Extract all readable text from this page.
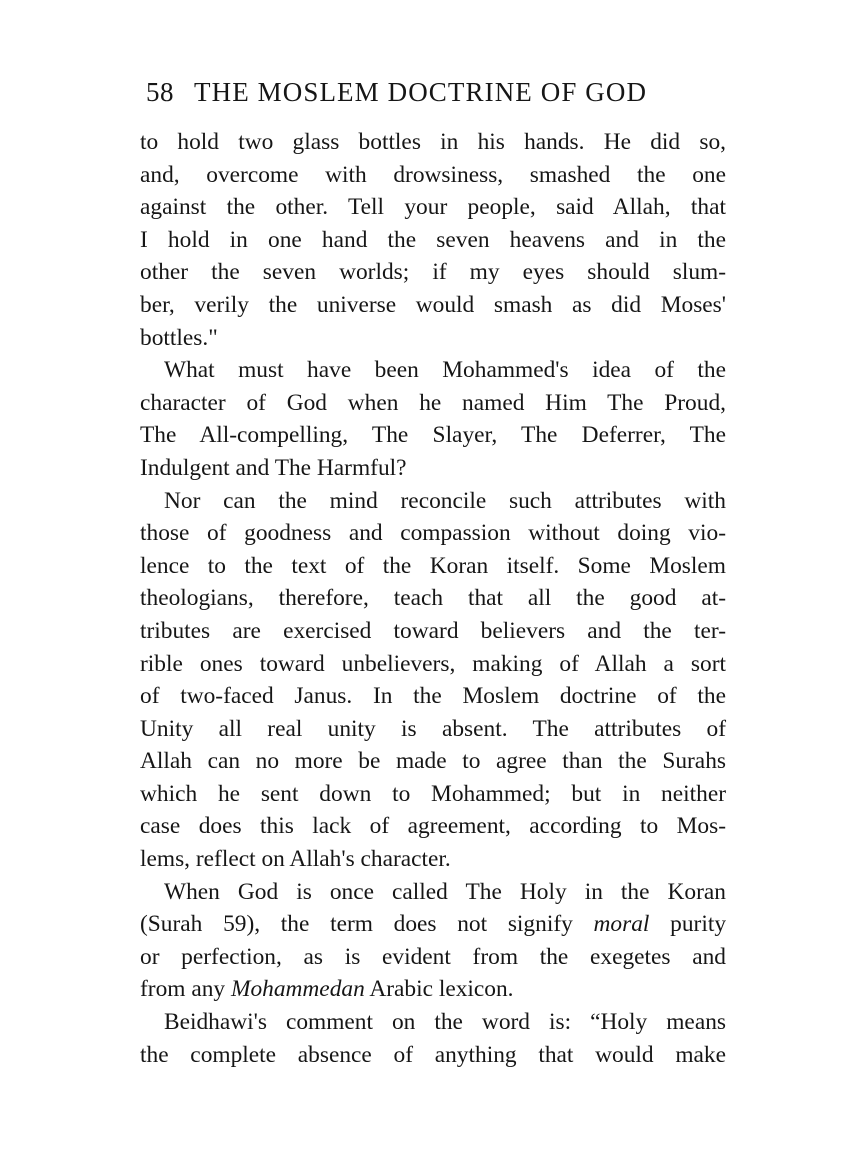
58 THE MOSLEM DOCTRINE OF GOD
to hold two glass bottles in his hands. He did so,
and, overcome with drowsiness, smashed the one
against the other. Tell your people, said Allah, that
I hold in one hand the seven heavens and in the
other the seven worlds; if my eyes should slum-
ber, verily the universe would smash as did Moses'
bottles."
What must have been Mohammed's idea of the
character of God when he named Him The Proud,
The All-compelling, The Slayer, The Deferrer, The
Indulgent and The Harmful?
Nor can the mind reconcile such attributes with
those of goodness and compassion without doing vio-
lence to the text of the Koran itself. Some Moslem
theologians, therefore, teach that all the good at-
tributes are exercised toward believers and the ter-
rible ones toward unbelievers, making of Allah a sort
of two-faced Janus. In the Moslem doctrine of the
Unity all real unity is absent. The attributes of
Allah can no more be made to agree than the Surahs
which he sent down to Mohammed; but in neither
case does this lack of agreement, according to Mos-
lems, reflect on Allah's character.
When God is once called The Holy in the Koran
(Surah 59), the term does not signify moral purity
or perfection, as is evident from the exegetes and
from any Mohammedan Arabic lexicon.
Beidhawi's comment on the word is: “Holy means
the complete absence of anything that would make
